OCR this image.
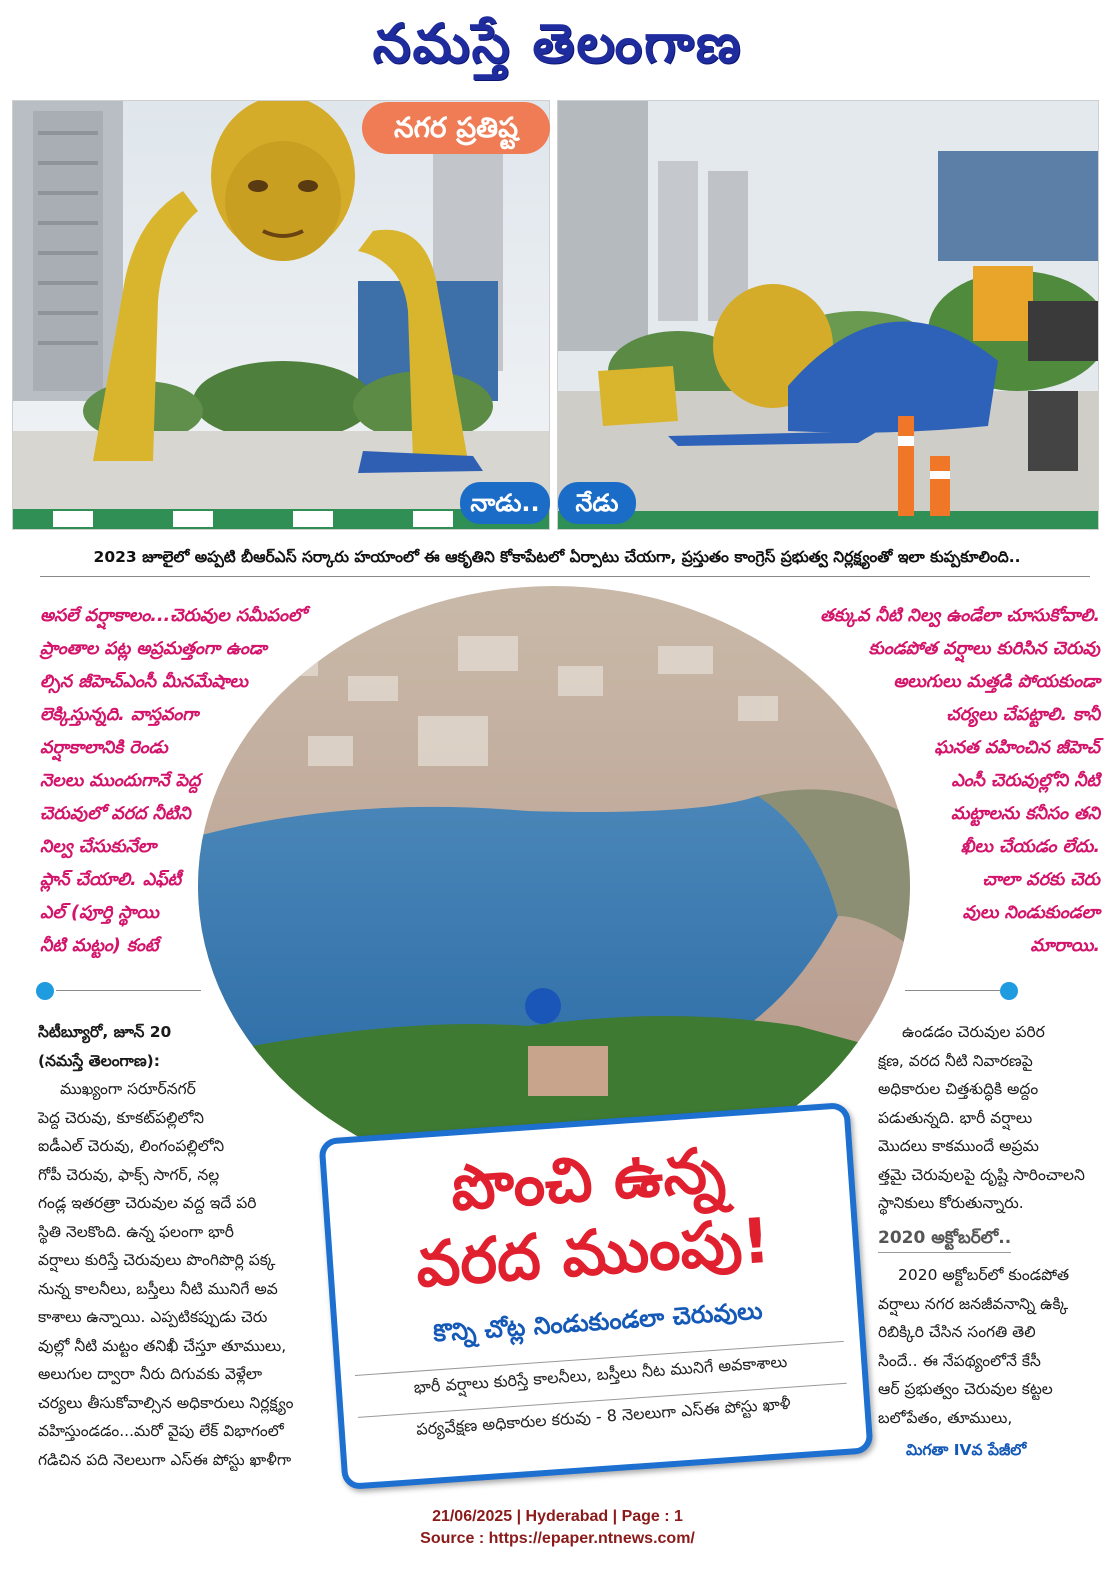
నమస్తే తెలంగాణ
నగర ప్రతిష్ట
నాడు..	నేడు
2023 జూలైలో అప్పటి బీఆర్‌ఎస్‌ సర్కారు హయాంలో ఈ ఆకృతిని కోకాపేటలో ఏర్పాటు చేయగా, ప్రస్తుతం కాంగ్రెస్‌ ప్రభుత్వ నిర్లక్ష్యంతో ఇలా కుప్పకూలింది..
అసలే వర్షాకాలం...చెరువుల సమీపంలో
ప్రాంతాల పట్ల అప్రమత్తంగా ఉండా
ల్సిన జీహెచ్‌ఎంసీ మీనమేషాలు
లెక్కిస్తున్నది. వాస్తవంగా
వర్షాకాలానికి రెండు
నెలలు ముందుగానే పెద్ద
చెరువులో వరద నీటిని
నిల్వ చేసుకునేలా
ప్లాన్‌ చేయాలి. ఎఫ్‌టీ
ఎల్‌ (పూర్తి స్థాయి
నీటి మట్టం) కంటే
తక్కువ నీటి నిల్వ ఉండేలా చూసుకోవాలి.
కుండపోత వర్షాలు కురిసిన చెరువు
అలుగులు మత్తడి పోయకుండా
చర్యలు చేపట్టాలి. కానీ
ఘనత వహించిన జీహెచ్‌
ఎంసీ చెరువుల్లోని నీటి
మట్టాలను కనీసం తని
ఖీలు చేయడం లేదు.
చాలా వరకు చెరు
వులు నిండుకుండలా
మారాయి.
సిటీబ్యూరో, జూన్‌ 20
(నమస్తే తెలంగాణ):
ముఖ్యంగా సరూర్‌నగర్‌
పెద్ద చెరువు, కూకట్‌పల్లిలోని
ఐడీఎల్‌ చెరువు, లింగంపల్లిలోని
గోపీ చెరువు, ఫాక్స్‌ సాగర్‌, నల్ల
గండ్ల ఇతరత్రా చెరువుల వద్ద ఇదే పరి
స్థితి నెలకొంది. ఉన్న ఫలంగా భారీ
వర్షాలు కురిస్తే చెరువులు పొంగిపొర్లి పక్క
నున్న కాలనీలు, బస్తీలు నీటి మునిగే అవ
కాశాలు ఉన్నాయి. ఎప్పటికప్పుడు చెరు
వుల్లో నీటి మట్టం తనిఖీ చేస్తూ తూములు,
అలుగుల ద్వారా నీరు దిగువకు వెళ్లేలా
చర్యలు తీసుకోవాల్సిన అధికారులు నిర్లక్ష్యం
వహిస్తుండడం...మరో వైపు లేక్‌ విభాగంలో
గడిచిన పది నెలలుగా ఎస్‌ఈ పోస్టు ఖాళీగా
ఉండడం చెరువుల పరిర
క్షణ, వరద నీటి నివారణపై
అధికారుల చిత్తశుద్ధికి అద్దం
పడుతున్నది. భారీ వర్షాలు
మొదలు కాకముందే అప్రమ
త్తమై చెరువులపై దృష్టి సారించాలని
స్థానికులు కోరుతున్నారు.
2020 అక్టోబర్‌లో..
2020 అక్టోబర్‌లో కుండపోత
వర్షాలు నగర జనజీవనాన్ని ఉక్కి
రిబిక్కిరి చేసిన సంగతి తెలి
సిందే.. ఈ నేపథ్యంలోనే కేసీ
ఆర్‌ ప్రభుత్వం చెరువుల కట్టల
బలోపేతం, తూములు,
మిగతా IVవ పేజీలో
పొంచి ఉన్న
వరద ముంపు!
కొన్ని చోట్ల నిండుకుండలా చెరువులు
భారీ వర్షాలు కురిస్తే కాలనీలు, బస్తీలు నీట మునిగే అవకాశాలు
పర్యవేక్షణ అధికారుల కరువు - 8 నెలలుగా ఎస్‌ఈ పోస్టు ఖాళీ
21/06/2025 | Hyderabad | Page : 1
Source : https://epaper.ntnews.com/
